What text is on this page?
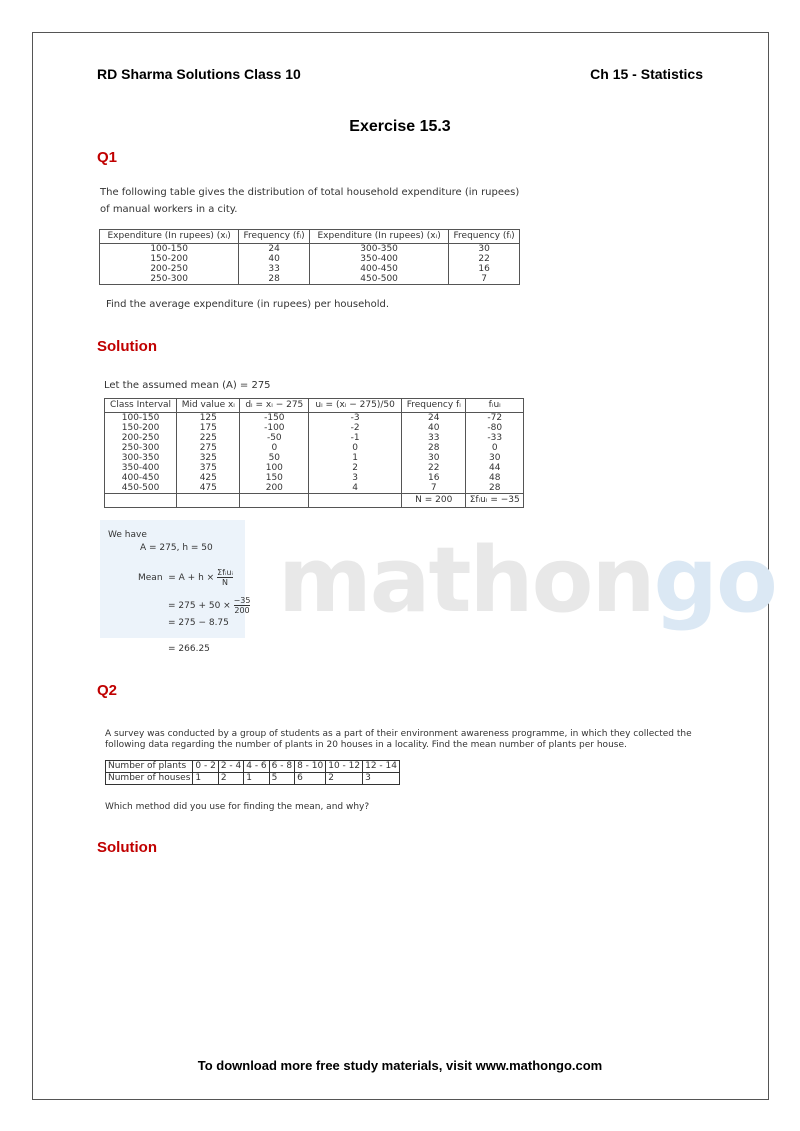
mathongo
RD Sharma Solutions Class 10	Ch 15 - Statistics
Exercise 15.3
Q1
The following table gives the distribution of total household expenditure (in rupees)
of manual workers in a city.
Expenditure (In rupees) (xᵢ)	Frequency (fᵢ)	Expenditure (In rupees) (xᵢ)	Frequency (fᵢ)
100-150	24	300-350	30
150-200	40	350-400	22
200-250	33	400-450	16
250-300	28	450-500	7
Find the average expenditure (in rupees) per household.
Solution
Let the assumed mean (A) = 275
Class Interval	Mid value xᵢ	dᵢ = xᵢ − 275	uᵢ = (xᵢ − 275)/50	Frequency fᵢ	fᵢuᵢ
100-150	125	-150	-3	24	-72
150-200	175	-100	-2	40	-80
200-250	225	-50	-1	33	-33
250-300	275	0	0	28	0
300-350	325	50	1	30	30
350-400	375	100	2	22	44
400-450	425	150	3	16	48
450-500	475	200	4	7	28
				N = 200	Σfᵢuᵢ = −35
We have
A = 275, h = 50
Mean = $A + h \times \frac{\text{Σfᵢuᵢ}}{N}$
= $275 + 50 \times \frac{-35}{200}$
= 275 − 8.75
= 266.25
Q2
A survey was conducted by a group of students as a part of their environment awareness programme, in which they collected the
following data regarding the number of plants in 20 houses in a locality. Find the mean number of plants per house.
Number of plants	0 - 2	2 - 4	4 - 6	6 - 8	8 - 10	10 - 12	12 - 14
Number of houses	1	2	1	5	6	2	3
Which method did you use for finding the mean, and why?
Solution
To download more free study materials, visit www.mathongo.com
